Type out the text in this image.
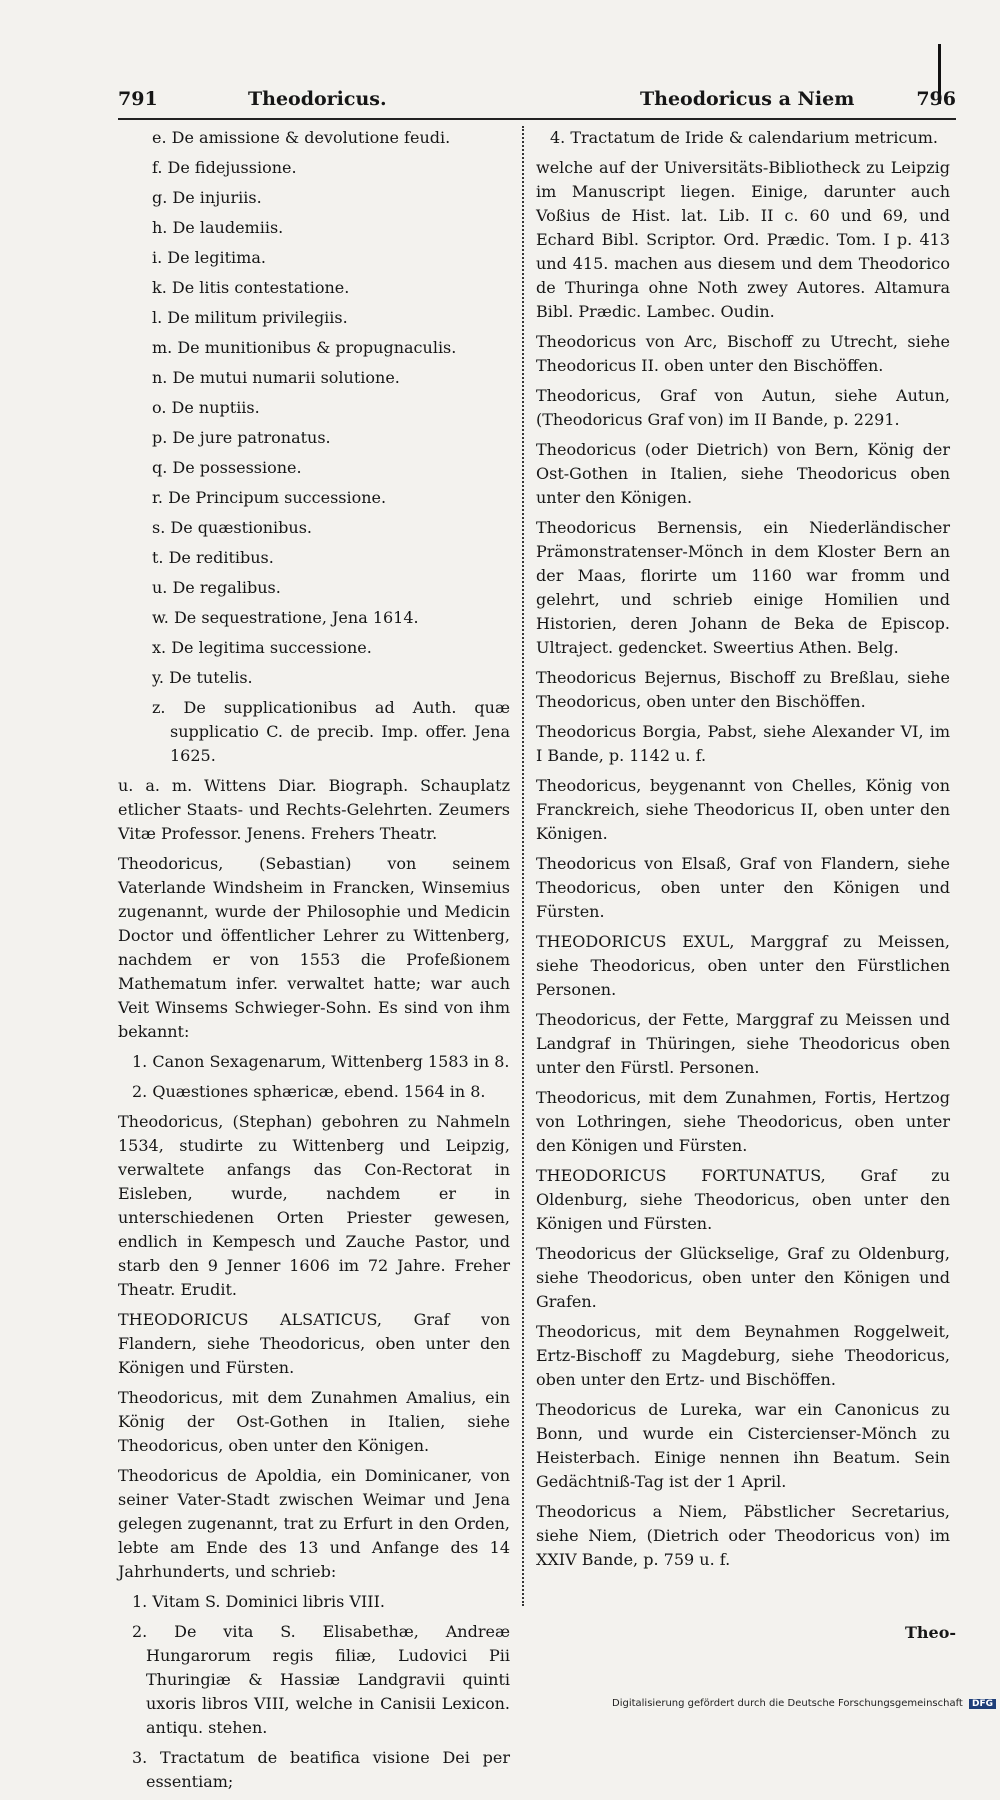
791	Theodoricus.	Theodoricus a Niem	796

e. De amissione & devolutione feudi.

f. De fidejussione.

g. De injuriis.

h. De laudemiis.

i. De legitima.

k. De litis contestatione.

l. De militum privilegiis.

m. De munitionibus & propugnaculis.

n. De mutui numarii solutione.

o. De nuptiis.

p. De jure patronatus.

q. De possessione.

r. De Principum successione.

s. De quæstionibus.

t. De reditibus.

u. De regalibus.

w. De sequestratione, Jena 1614.

x. De legitima successione.

y. De tutelis.

z. De supplicationibus ad Auth. quæ supplicatio C. de precib. Imp. offer. Jena 1625.

u. a. m. Wittens Diar. Biograph. Schauplatz etlicher Staats- und Rechts-Gelehrten. Zeumers Vitæ Professor. Jenens. Frehers Theatr.

Theodoricus, (Sebastian) von seinem Vaterlande Windsheim in Francken, Winsemius zugenannt, wurde der Philosophie und Medicin Doctor und öffentlicher Lehrer zu Wittenberg, nachdem er von 1553 die Profeßionem Mathematum infer. verwaltet hatte; war auch Veit Winsems Schwieger-Sohn. Es sind von ihm bekannt:

1. Canon Sexagenarum, Wittenberg 1583 in 8.

2. Quæstiones sphæricæ, ebend. 1564 in 8.

Theodoricus, (Stephan) gebohren zu Nahmeln 1534, studirte zu Wittenberg und Leipzig, verwaltete anfangs das Con-Rectorat in Eisleben, wurde, nachdem er in unterschiedenen Orten Priester gewesen, endlich in Kempesch und Zauche Pastor, und starb den 9 Jenner 1606 im 72 Jahre. Freher Theatr. Erudit.

THEODORICUS ALSATICUS, Graf von Flandern, siehe Theodoricus, oben unter den Königen und Fürsten.

Theodoricus, mit dem Zunahmen Amalius, ein König der Ost-Gothen in Italien, siehe Theodoricus, oben unter den Königen.

Theodoricus de Apoldia, ein Dominicaner, von seiner Vater-Stadt zwischen Weimar und Jena gelegen zugenannt, trat zu Erfurt in den Orden, lebte am Ende des 13 und Anfange des 14 Jahrhunderts, und schrieb:

1. Vitam S. Dominici libris VIII.

2. De vita S. Elisabethæ, Andreæ Hungarorum regis filiæ, Ludovici Pii Thuringiæ & Hassiæ Landgravii quinti uxoris libros VIII, welche in Canisii Lexicon. antiqu. stehen.

3. Tractatum de beatifica visione Dei per essentiam;

4. Tractatum de Iride & calendarium metricum.

welche auf der Universitäts-Bibliotheck zu Leipzig im Manuscript liegen. Einige, darunter auch Voßius de Hist. lat. Lib. II c. 60 und 69, und Echard Bibl. Scriptor. Ord. Prædic. Tom. I p. 413 und 415. machen aus diesem und dem Theodorico de Thuringa ohne Noth zwey Autores. Altamura Bibl. Prædic. Lambec. Oudin.

Theodoricus von Arc, Bischoff zu Utrecht, siehe Theodoricus II. oben unter den Bischöffen.

Theodoricus, Graf von Autun, siehe Autun, (Theodoricus Graf von) im II Bande, p. 2291.

Theodoricus (oder Dietrich) von Bern, König der Ost-Gothen in Italien, siehe Theodoricus oben unter den Königen.

Theodoricus Bernensis, ein Niederländischer Prämonstratenser-Mönch in dem Kloster Bern an der Maas, florirte um 1160 war fromm und gelehrt, und schrieb einige Homilien und Historien, deren Johann de Beka de Episcop. Ultraject. gedencket. Sweertius Athen. Belg.

Theodoricus Bejernus, Bischoff zu Breßlau, siehe Theodoricus, oben unter den Bischöffen.

Theodoricus Borgia, Pabst, siehe Alexander VI, im I Bande, p. 1142 u. f.

Theodoricus, beygenannt von Chelles, König von Franckreich, siehe Theodoricus II, oben unter den Königen.

Theodoricus von Elsaß, Graf von Flandern, siehe Theodoricus, oben unter den Königen und Fürsten.

THEODORICUS EXUL, Marggraf zu Meissen, siehe Theodoricus, oben unter den Fürstlichen Personen.

Theodoricus, der Fette, Marggraf zu Meissen und Landgraf in Thüringen, siehe Theodoricus oben unter den Fürstl. Personen.

Theodoricus, mit dem Zunahmen, Fortis, Hertzog von Lothringen, siehe Theodoricus, oben unter den Königen und Fürsten.

THEODORICUS FORTUNATUS, Graf zu Oldenburg, siehe Theodoricus, oben unter den Königen und Fürsten.

Theodoricus der Glückselige, Graf zu Oldenburg, siehe Theodoricus, oben unter den Königen und Grafen.

Theodoricus, mit dem Beynahmen Roggelweit, Ertz-Bischoff zu Magdeburg, siehe Theodoricus, oben unter den Ertz- und Bischöffen.

Theodoricus de Lureka, war ein Canonicus zu Bonn, und wurde ein Cistercienser-Mönch zu Heisterbach. Einige nennen ihn Beatum. Sein Gedächtniß-Tag ist der 1 April.

Theodoricus a Niem, Päbstlicher Secretarius, siehe Niem, (Dietrich oder Theodoricus von) im XXIV Bande, p. 759 u. f.

Theo-
Digitalisierung gefördert durch die Deutsche Forschungsgemeinschaft DFG
